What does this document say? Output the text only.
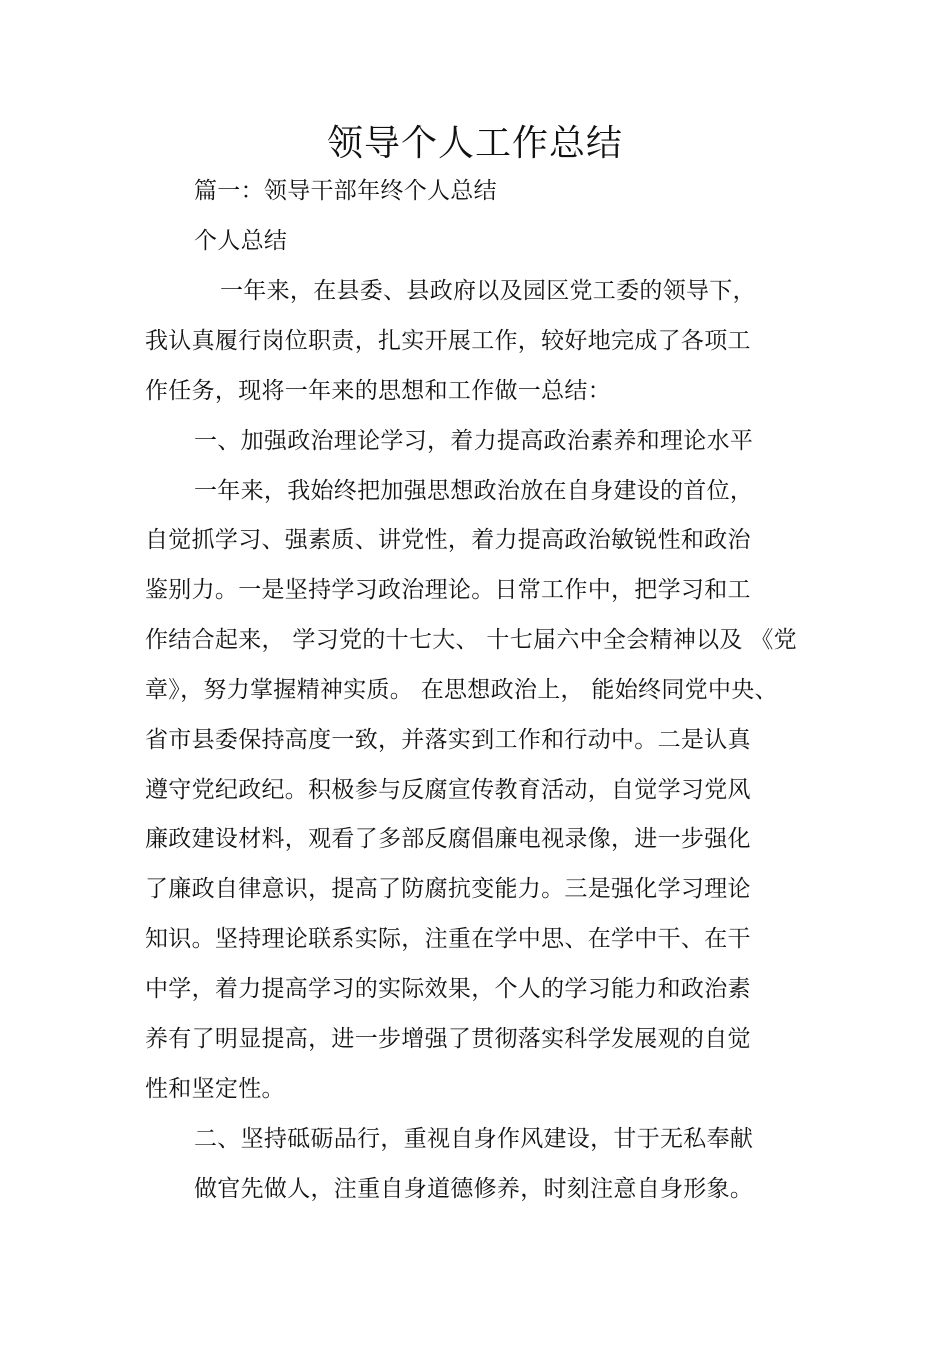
领导个人工作总结
篇一：领导干部年终个人总结
个人总结
一年来，在县委、县政府以及园区党工委的领导下，
我认真履行岗位职责，扎实开展工作，较好地完成了各项工
作任务，现将一年来的思想和工作做一总结：
一、加强政治理论学习，着力提高政治素养和理论水平
一年来，我始终把加强思想政治放在自身建设的首位，
自觉抓学习、强素质、讲党性，着力提高政治敏锐性和政治
鉴别力。一是坚持学习政治理论。日常工作中，把学习和工
作结合起来， 学习党的十七大、 十七届六中全会精神以及 《党
章》，努力掌握精神实质。 在思想政治上， 能始终同党中央、
省市县委保持高度一致，并落实到工作和行动中。二是认真
遵守党纪政纪。积极参与反腐宣传教育活动，自觉学习党风
廉政建设材料，观看了多部反腐倡廉电视录像，进一步强化
了廉政自律意识，提高了防腐抗变能力。三是强化学习理论
知识。坚持理论联系实际，注重在学中思、在学中干、在干
中学，着力提高学习的实际效果，个人的学习能力和政治素
养有了明显提高，进一步增强了贯彻落实科学发展观的自觉
性和坚定性。
二、坚持砥砺品行，重视自身作风建设，甘于无私奉献
做官先做人，注重自身道德修养，时刻注意自身形象。
